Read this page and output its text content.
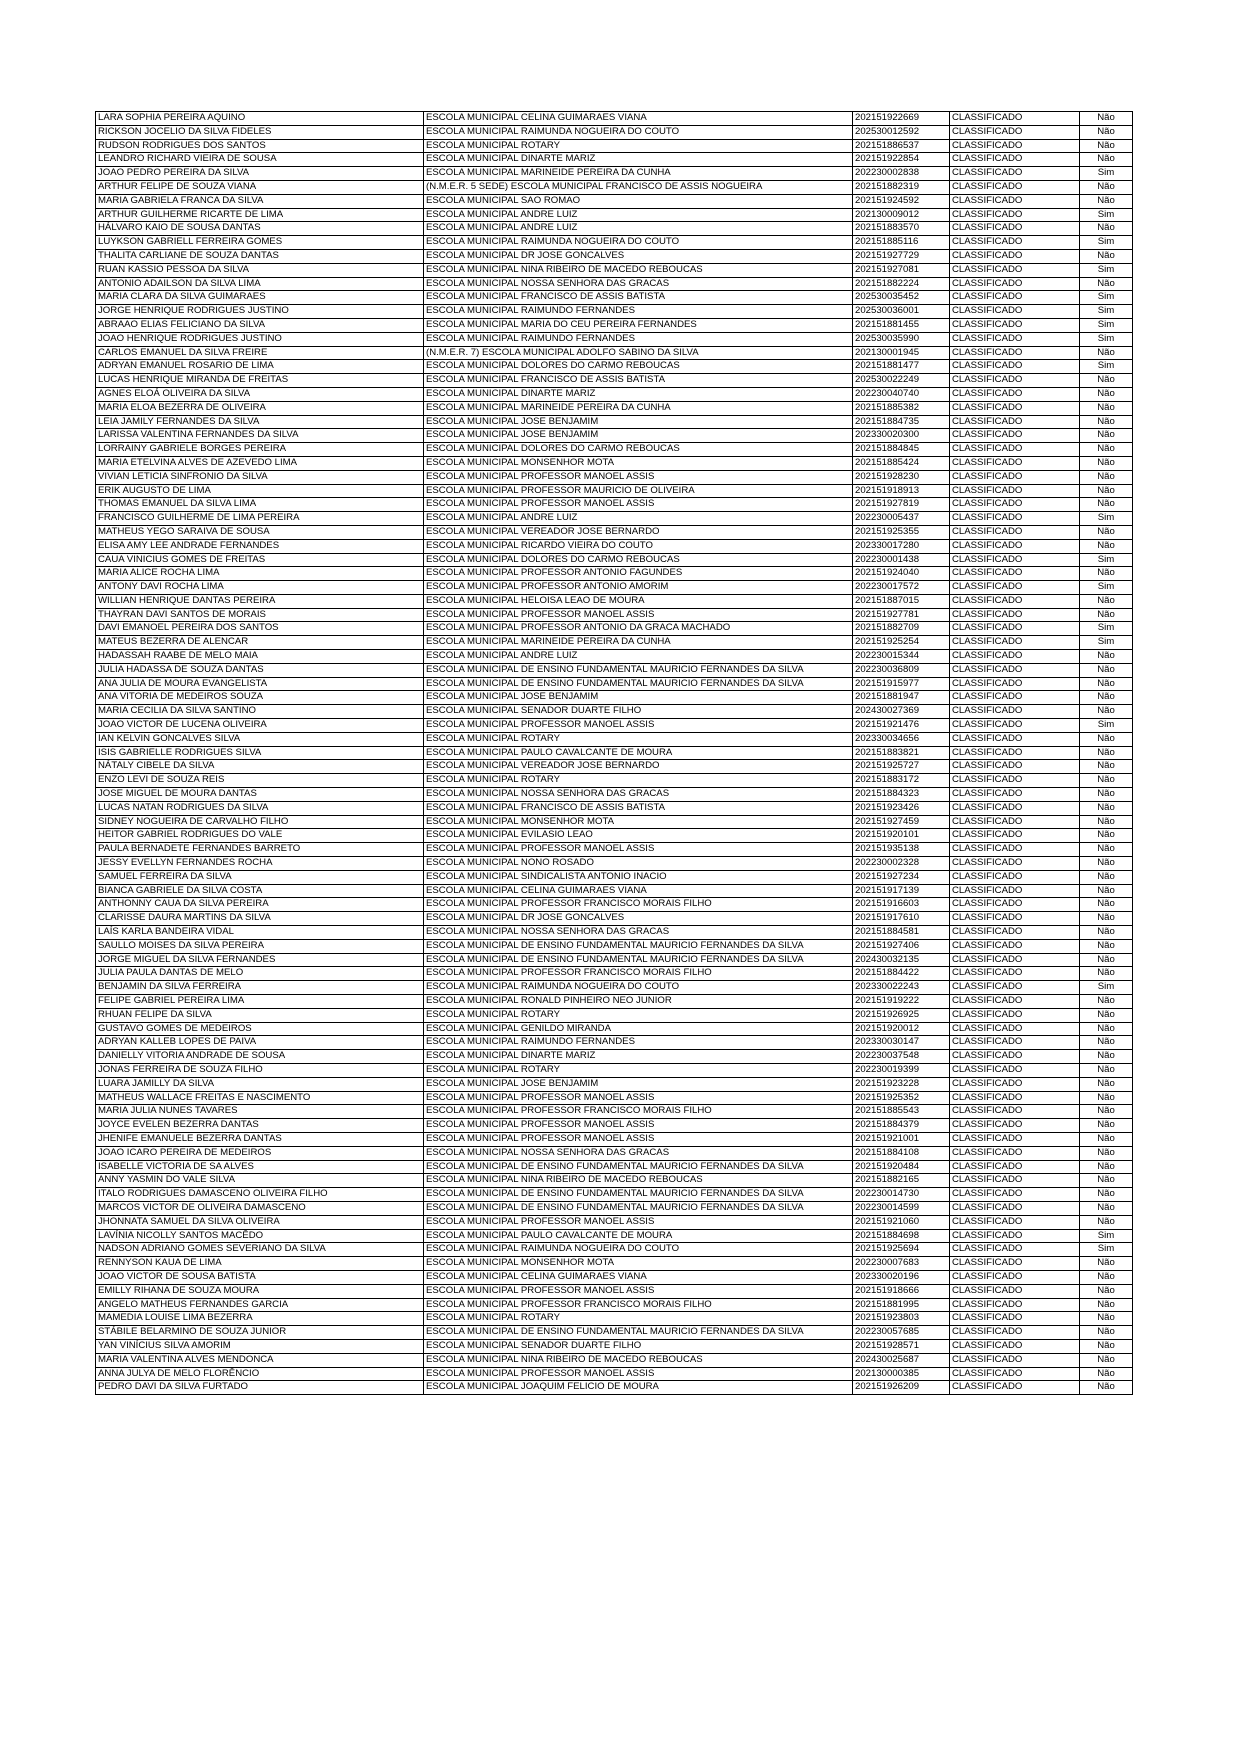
LARA SOPHIA PEREIRA AQUINO	ESCOLA MUNICIPAL CELINA GUIMARAES VIANA	202151922669	CLASSIFICADO	Não
RICKSON JOCELIO DA SILVA FIDELES	ESCOLA MUNICIPAL RAIMUNDA NOGUEIRA DO COUTO	202530012592	CLASSIFICADO	Não
RUDSON RODRIGUES DOS SANTOS	ESCOLA MUNICIPAL ROTARY	202151886537	CLASSIFICADO	Não
LEANDRO RICHARD VIEIRA DE SOUSA	ESCOLA MUNICIPAL DINARTE MARIZ	202151922854	CLASSIFICADO	Não
JOAO PEDRO PEREIRA DA SILVA	ESCOLA MUNICIPAL MARINEIDE PEREIRA DA CUNHA	202230002838	CLASSIFICADO	Sim
ARTHUR FELIPE DE SOUZA VIANA	(N.M.E.R. 5 SEDE) ESCOLA MUNICIPAL FRANCISCO DE ASSIS NOGUEIRA	202151882319	CLASSIFICADO	Não
MARIA GABRIELA FRANCA DA SILVA	ESCOLA MUNICIPAL SAO ROMAO	202151924592	CLASSIFICADO	Não
ARTHUR GUILHERME RICARTE DE LIMA	ESCOLA MUNICIPAL ANDRE LUIZ	202130009012	CLASSIFICADO	Sim
HÁLVARO KAIO DE SOUSA DANTAS	ESCOLA MUNICIPAL ANDRE LUIZ	202151883570	CLASSIFICADO	Não
LUYKSON GABRIELL FERREIRA GOMES	ESCOLA MUNICIPAL RAIMUNDA NOGUEIRA DO COUTO	202151885116	CLASSIFICADO	Sim
THALITA CARLIANE DE SOUZA DANTAS	ESCOLA MUNICIPAL DR JOSE GONCALVES	202151927729	CLASSIFICADO	Não
RUAN KASSIO PESSOA DA SILVA	ESCOLA MUNICIPAL NINA RIBEIRO DE MACEDO REBOUCAS	202151927081	CLASSIFICADO	Sim
ANTONIO ADAILSON DA SILVA LIMA	ESCOLA MUNICIPAL NOSSA SENHORA DAS GRACAS	202151882224	CLASSIFICADO	Não
MARIA CLARA DA SILVA GUIMARAES	ESCOLA MUNICIPAL FRANCISCO DE ASSIS BATISTA	202530035452	CLASSIFICADO	Sim
JORGE HENRIQUE RODRIGUES JUSTINO	ESCOLA MUNICIPAL RAIMUNDO FERNANDES	202530036001	CLASSIFICADO	Sim
ABRAAO ELIAS FELICIANO DA SILVA	ESCOLA MUNICIPAL MARIA DO CEU PEREIRA FERNANDES	202151881455	CLASSIFICADO	Sim
JOAO HENRIQUE RODRIGUES JUSTINO	ESCOLA MUNICIPAL RAIMUNDO FERNANDES	202530035990	CLASSIFICADO	Sim
CARLOS EMANUEL DA SILVA FREIRE	(N.M.E.R. 7) ESCOLA MUNICIPAL ADOLFO SABINO DA SILVA	202130001945	CLASSIFICADO	Não
ADRYAN EMANUEL ROSARIO DE LIMA	ESCOLA MUNICIPAL DOLORES DO CARMO REBOUCAS	202151881477	CLASSIFICADO	Sim
LUCAS HENRIQUE MIRANDA DE FREITAS	ESCOLA MUNICIPAL FRANCISCO DE ASSIS BATISTA	202530022249	CLASSIFICADO	Não
AGNES ELOÁ OLIVEIRA DA SILVA	ESCOLA MUNICIPAL DINARTE MARIZ	202230040740	CLASSIFICADO	Não
MARIA ELOA BEZERRA DE OLIVEIRA	ESCOLA MUNICIPAL MARINEIDE PEREIRA DA CUNHA	202151885382	CLASSIFICADO	Não
LEIA JAMILY FERNANDES DA SILVA	ESCOLA MUNICIPAL JOSE BENJAMIM	202151884735	CLASSIFICADO	Não
LARISSA VALENTINA FERNANDES DA SILVA	ESCOLA MUNICIPAL JOSE BENJAMIM	202330020300	CLASSIFICADO	Não
LORRAINY GABRIELE BORGES PEREIRA	ESCOLA MUNICIPAL DOLORES DO CARMO REBOUCAS	202151884845	CLASSIFICADO	Não
MARIA ETELVINA ALVES DE AZEVEDO LIMA	ESCOLA MUNICIPAL MONSENHOR MOTA	202151885424	CLASSIFICADO	Não
VIVIAN LETICIA SINFRONIO DA SILVA	ESCOLA MUNICIPAL PROFESSOR MANOEL ASSIS	202151928230	CLASSIFICADO	Não
ERIK AUGUSTO DE LIMA	ESCOLA MUNICIPAL PROFESSOR MAURICIO DE OLIVEIRA	202151918913	CLASSIFICADO	Não
THOMAS EMANUEL DA SILVA LIMA	ESCOLA MUNICIPAL PROFESSOR MANOEL ASSIS	202151927819	CLASSIFICADO	Não
FRANCISCO GUILHERME DE LIMA PEREIRA	ESCOLA MUNICIPAL ANDRE LUIZ	202230005437	CLASSIFICADO	Sim
MATHEUS YEGO SARAIVA DE SOUSA	ESCOLA MUNICIPAL VEREADOR JOSE BERNARDO	202151925355	CLASSIFICADO	Não
ELISA AMY LEE ANDRADE FERNANDES	ESCOLA MUNICIPAL RICARDO VIEIRA DO COUTO	202330017280	CLASSIFICADO	Não
CAUA VINICIUS GOMES DE FREITAS	ESCOLA MUNICIPAL DOLORES DO CARMO REBOUCAS	202230001438	CLASSIFICADO	Sim
MARIA ALICE ROCHA LIMA	ESCOLA MUNICIPAL PROFESSOR ANTONIO FAGUNDES	202151924040	CLASSIFICADO	Não
ANTONY DAVI ROCHA LIMA	ESCOLA MUNICIPAL PROFESSOR ANTONIO AMORIM	202230017572	CLASSIFICADO	Sim
WILLIAN HENRIQUE DANTAS PEREIRA	ESCOLA MUNICIPAL HELOISA LEAO DE MOURA	202151887015	CLASSIFICADO	Não
THAYRAN DAVI SANTOS DE MORAIS	ESCOLA MUNICIPAL PROFESSOR MANOEL ASSIS	202151927781	CLASSIFICADO	Não
DAVI EMANOEL PEREIRA DOS SANTOS	ESCOLA MUNICIPAL PROFESSOR ANTONIO DA GRACA MACHADO	202151882709	CLASSIFICADO	Sim
MATEUS BEZERRA DE ALENCAR	ESCOLA MUNICIPAL MARINEIDE PEREIRA DA CUNHA	202151925254	CLASSIFICADO	Sim
HADASSAH RAABE DE MELO MAIA	ESCOLA MUNICIPAL ANDRE LUIZ	202230015344	CLASSIFICADO	Não
JULIA HADASSA DE SOUZA DANTAS	ESCOLA MUNICIPAL DE ENSINO FUNDAMENTAL MAURICIO FERNANDES DA SILVA	202230036809	CLASSIFICADO	Não
ANA JULIA DE MOURA EVANGELISTA	ESCOLA MUNICIPAL DE ENSINO FUNDAMENTAL MAURICIO FERNANDES DA SILVA	202151915977	CLASSIFICADO	Não
ANA VITORIA DE MEDEIROS SOUZA	ESCOLA MUNICIPAL JOSE BENJAMIM	202151881947	CLASSIFICADO	Não
MARIA CECILIA DA SILVA SANTINO	ESCOLA MUNICIPAL SENADOR DUARTE FILHO	202430027369	CLASSIFICADO	Não
JOAO VICTOR DE LUCENA OLIVEIRA	ESCOLA MUNICIPAL PROFESSOR MANOEL ASSIS	202151921476	CLASSIFICADO	Sim
IAN KELVIN GONCALVES SILVA	ESCOLA MUNICIPAL ROTARY	202330034656	CLASSIFICADO	Não
ISIS GABRIELLE RODRIGUES SILVA	ESCOLA MUNICIPAL PAULO CAVALCANTE DE MOURA	202151883821	CLASSIFICADO	Não
NÁTALY CIBELE DA SILVA	ESCOLA MUNICIPAL VEREADOR JOSE BERNARDO	202151925727	CLASSIFICADO	Não
ENZO LEVI DE SOUZA REIS	ESCOLA MUNICIPAL ROTARY	202151883172	CLASSIFICADO	Não
JOSE MIGUEL DE MOURA DANTAS	ESCOLA MUNICIPAL NOSSA SENHORA DAS GRACAS	202151884323	CLASSIFICADO	Não
LUCAS NATAN RODRIGUES DA SILVA	ESCOLA MUNICIPAL FRANCISCO DE ASSIS BATISTA	202151923426	CLASSIFICADO	Não
SIDNEY NOGUEIRA DE CARVALHO FILHO	ESCOLA MUNICIPAL MONSENHOR MOTA	202151927459	CLASSIFICADO	Não
HEITOR GABRIEL RODRIGUES DO VALE	ESCOLA MUNICIPAL EVILASIO LEAO	202151920101	CLASSIFICADO	Não
PAULA BERNADETE FERNANDES BARRETO	ESCOLA MUNICIPAL PROFESSOR MANOEL ASSIS	202151935138	CLASSIFICADO	Não
JESSY EVELLYN FERNANDES ROCHA	ESCOLA MUNICIPAL NONO ROSADO	202230002328	CLASSIFICADO	Não
SAMUEL FERREIRA DA SILVA	ESCOLA MUNICIPAL SINDICALISTA ANTONIO INACIO	202151927234	CLASSIFICADO	Não
BIANCA GABRIELE DA SILVA COSTA	ESCOLA MUNICIPAL CELINA GUIMARAES VIANA	202151917139	CLASSIFICADO	Não
ANTHONNY CAUA DA SILVA PEREIRA	ESCOLA MUNICIPAL PROFESSOR FRANCISCO MORAIS FILHO	202151916603	CLASSIFICADO	Não
CLARISSE DAURA MARTINS DA SILVA	ESCOLA MUNICIPAL DR JOSE GONCALVES	202151917610	CLASSIFICADO	Não
LAÍS KARLA BANDEIRA VIDAL	ESCOLA MUNICIPAL NOSSA SENHORA DAS GRACAS	202151884581	CLASSIFICADO	Não
SAULLO MOISES DA SILVA PEREIRA	ESCOLA MUNICIPAL DE ENSINO FUNDAMENTAL MAURICIO FERNANDES DA SILVA	202151927406	CLASSIFICADO	Não
JORGE MIGUEL DA SILVA FERNANDES	ESCOLA MUNICIPAL DE ENSINO FUNDAMENTAL MAURICIO FERNANDES DA SILVA	202430032135	CLASSIFICADO	Não
JULIA PAULA DANTAS DE MELO	ESCOLA MUNICIPAL PROFESSOR FRANCISCO MORAIS FILHO	202151884422	CLASSIFICADO	Não
BENJAMIN DA SILVA FERREIRA	ESCOLA MUNICIPAL RAIMUNDA NOGUEIRA DO COUTO	202330022243	CLASSIFICADO	Sim
FELIPE GABRIEL PEREIRA LIMA	ESCOLA MUNICIPAL RONALD PINHEIRO NEO JUNIOR	202151919222	CLASSIFICADO	Não
RHUAN FELIPE DA SILVA	ESCOLA MUNICIPAL ROTARY	202151926925	CLASSIFICADO	Não
GUSTAVO GOMES DE MEDEIROS	ESCOLA MUNICIPAL GENILDO MIRANDA	202151920012	CLASSIFICADO	Não
ADRYAN KALLEB LOPES DE PAIVA	ESCOLA MUNICIPAL RAIMUNDO FERNANDES	202330030147	CLASSIFICADO	Não
DANIELLY VITORIA ANDRADE DE SOUSA	ESCOLA MUNICIPAL DINARTE MARIZ	202230037548	CLASSIFICADO	Não
JONAS FERREIRA DE SOUZA FILHO	ESCOLA MUNICIPAL ROTARY	202230019399	CLASSIFICADO	Não
LUARA JAMILLY DA SILVA	ESCOLA MUNICIPAL JOSE BENJAMIM	202151923228	CLASSIFICADO	Não
MATHEUS WALLACE FREITAS E NASCIMENTO	ESCOLA MUNICIPAL PROFESSOR MANOEL ASSIS	202151925352	CLASSIFICADO	Não
MARIA JULIA NUNES TAVARES	ESCOLA MUNICIPAL PROFESSOR FRANCISCO MORAIS FILHO	202151885543	CLASSIFICADO	Não
JOYCE EVELEN BEZERRA DANTAS	ESCOLA MUNICIPAL PROFESSOR MANOEL ASSIS	202151884379	CLASSIFICADO	Não
JHENIFE EMANUELE BEZERRA DANTAS	ESCOLA MUNICIPAL PROFESSOR MANOEL ASSIS	202151921001	CLASSIFICADO	Não
JOAO ICARO PEREIRA DE MEDEIROS	ESCOLA MUNICIPAL NOSSA SENHORA DAS GRACAS	202151884108	CLASSIFICADO	Não
ISABELLE VICTORIA DE SA ALVES	ESCOLA MUNICIPAL DE ENSINO FUNDAMENTAL MAURICIO FERNANDES DA SILVA	202151920484	CLASSIFICADO	Não
ANNY YASMIN DO VALE SILVA	ESCOLA MUNICIPAL NINA RIBEIRO DE MACEDO REBOUCAS	202151882165	CLASSIFICADO	Não
ITALO RODRIGUES DAMASCENO OLIVEIRA FILHO	ESCOLA MUNICIPAL DE ENSINO FUNDAMENTAL MAURICIO FERNANDES DA SILVA	202230014730	CLASSIFICADO	Não
MARCOS VICTOR DE OLIVEIRA DAMASCENO	ESCOLA MUNICIPAL DE ENSINO FUNDAMENTAL MAURICIO FERNANDES DA SILVA	202230014599	CLASSIFICADO	Não
JHONNATA SAMUEL DA SILVA OLIVEIRA	ESCOLA MUNICIPAL PROFESSOR MANOEL ASSIS	202151921060	CLASSIFICADO	Não
LAVÍNIA NICOLLY SANTOS MACÊDO	ESCOLA MUNICIPAL PAULO CAVALCANTE DE MOURA	202151884698	CLASSIFICADO	Sim
NADSON ADRIANO GOMES SEVERIANO DA SILVA	ESCOLA MUNICIPAL RAIMUNDA NOGUEIRA DO COUTO	202151925694	CLASSIFICADO	Sim
RENNYSON KAUA DE LIMA	ESCOLA MUNICIPAL MONSENHOR MOTA	202230007683	CLASSIFICADO	Não
JOAO VICTOR DE SOUSA BATISTA	ESCOLA MUNICIPAL CELINA GUIMARAES VIANA	202330020196	CLASSIFICADO	Não
EMILLY RIHANA DE SOUZA MOURA	ESCOLA MUNICIPAL PROFESSOR MANOEL ASSIS	202151918666	CLASSIFICADO	Não
ANGELO MATHEUS FERNANDES GARCIA	ESCOLA MUNICIPAL PROFESSOR FRANCISCO MORAIS FILHO	202151881995	CLASSIFICADO	Não
MAMEDIA LOUISE LIMA BEZERRA	ESCOLA MUNICIPAL ROTARY	202151923803	CLASSIFICADO	Não
STÁBILE BELARMINO DE SOUZA JUNIOR	ESCOLA MUNICIPAL DE ENSINO FUNDAMENTAL MAURICIO FERNANDES DA SILVA	202230057685	CLASSIFICADO	Não
YAN VINÍCIUS SILVA AMORIM	ESCOLA MUNICIPAL SENADOR DUARTE FILHO	202151928571	CLASSIFICADO	Não
MARIA VALENTINA ALVES MENDONCA	ESCOLA MUNICIPAL NINA RIBEIRO DE MACEDO REBOUCAS	202430025687	CLASSIFICADO	Não
ANNA JULYA DE MELO FLORÊNCIO	ESCOLA MUNICIPAL PROFESSOR MANOEL ASSIS	202130000385	CLASSIFICADO	Não
PEDRO DAVI DA SILVA FURTADO	ESCOLA MUNICIPAL JOAQUIM FELICIO DE MOURA	202151926209	CLASSIFICADO	Não
